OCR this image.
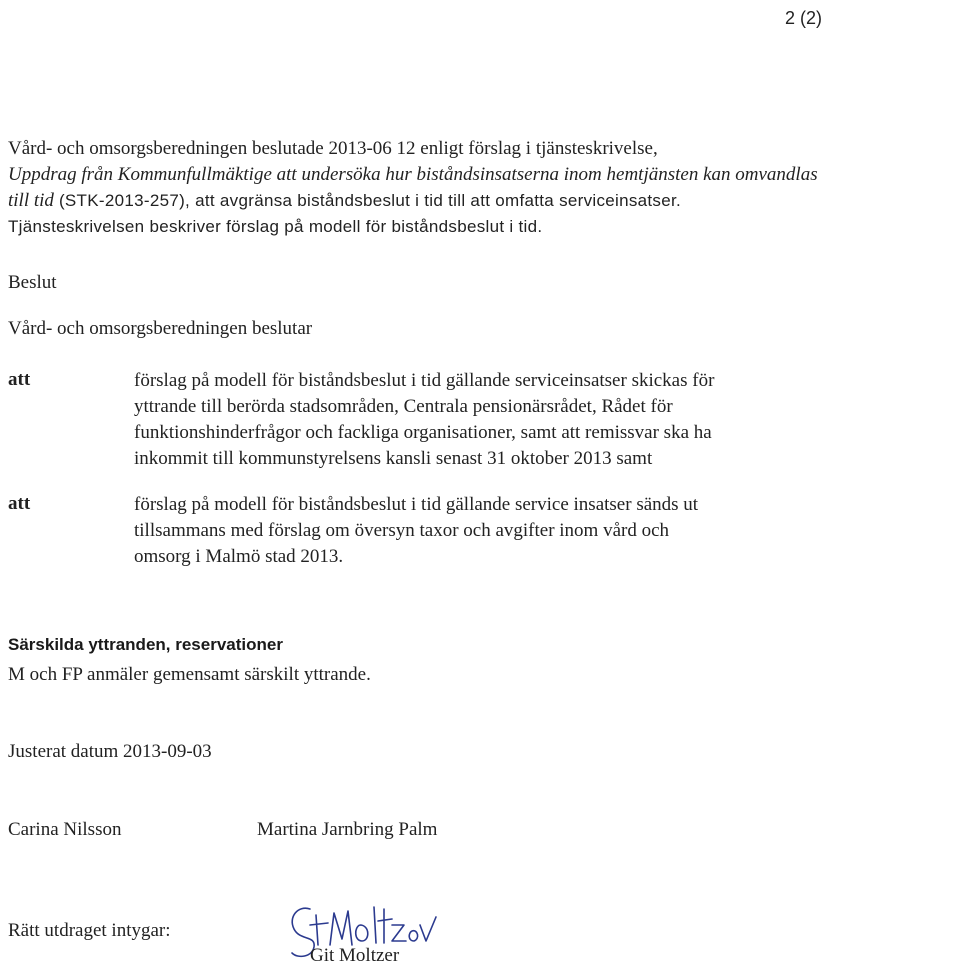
2 (2)

Vård- och omsorgsberedningen beslutade 2013-06 12 enligt förslag i tjänsteskrivelse,

Uppdrag från Kommunfullmäktige att undersöka hur biståndsinsatserna inom hemtjänsten kan omvandlas

till tid (STK-2013-257), att avgränsa biståndsbeslut i tid till att omfatta serviceinsatser.

Tjänsteskrivelsen beskriver förslag på modell för biståndsbeslut i tid.

Beslut
Vård- och omsorgsberedningen beslutar
att	förslag på modell för biståndsbeslut i tid gällande serviceinsatser skickas för
yttrande till berörda stadsområden, Centrala pensionärsrådet, Rådet för
funktionshinderfrågor och fackliga organisationer, samt att remissvar ska ha
inkommit till kommunstyrelsens kansli senast 31 oktober 2013 samt
att	förslag på modell för biståndsbeslut i tid gällande service insatser sänds ut
tillsammans med förslag om översyn taxor och avgifter inom vård och
omsorg i Malmö stad 2013.
Särskilda yttranden, reservationer
M och FP anmäler gemensamt särskilt yttrande.
Justerat datum 2013-09-03
Carina Nilsson	Martina Jarnbring Palm
Rätt utdraget intygar:
Git Moltzer
